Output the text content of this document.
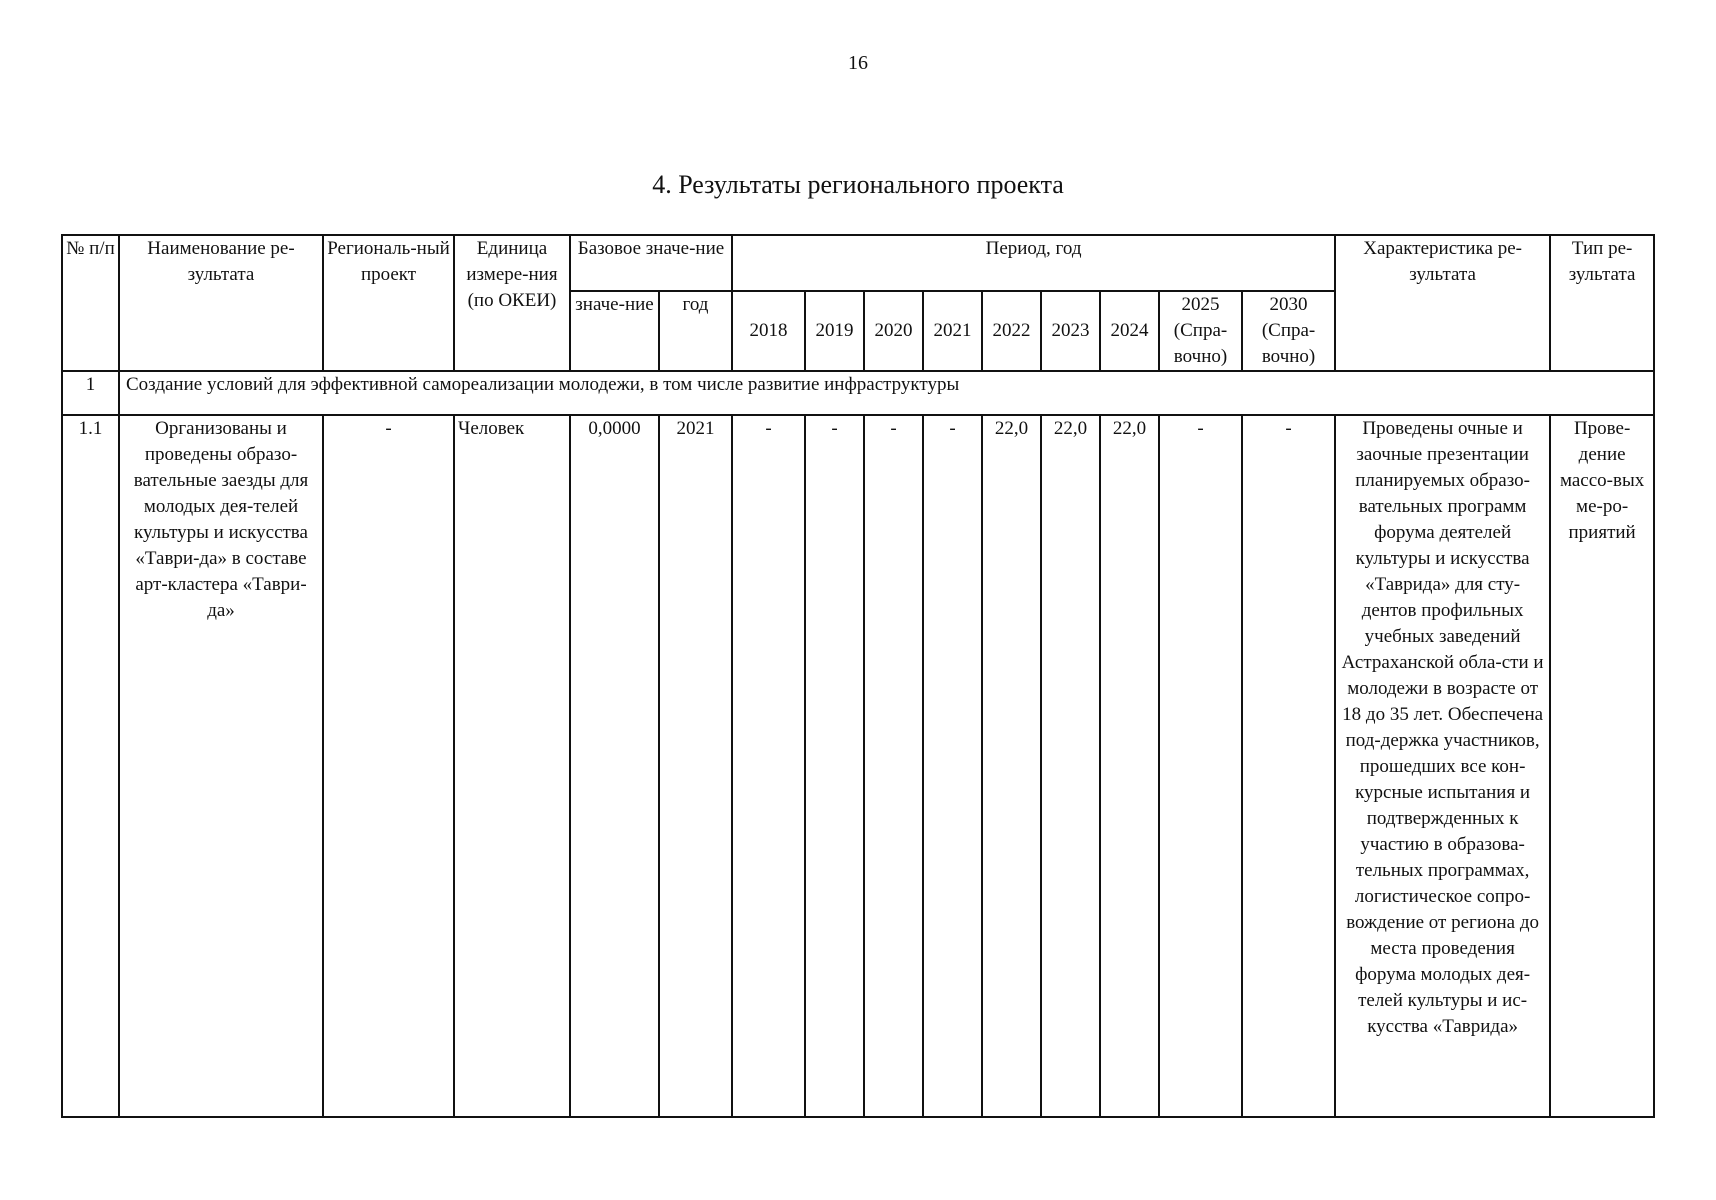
16
4. Результаты регионального проекта
№ п/п	Наименование ре-зультата	Региональ-ный проект	Единица измере-ния (по ОКЕИ)	Базовое значе-ние		Период, год									Характеристика ре-зультата	Тип ре-зультата
				значе-ние	год	2018	2019	2020	2021	2022	2023	2024	2025 (Спра-вочно)	2030 (Спра-вочно)		
1	Создание условий для эффективной самореализации молодежи, в том числе развитие инфраструктуры															
1.1	Организованы и проведены образо-вательные заезды для молодых дея-телей культуры и искусства «Таври-да» в составе арт-кластера «Таври-да»	-	Человек	0,0000	2021	-	-	-	-	22,0	22,0	22,0	-	-	Проведены очные и заочные презентации планируемых образо-вательных программ форума деятелей культуры и искусства «Таврида» для сту-дентов профильных учебных заведений Астраханской обла-сти и молодежи в возрасте от 18 до 35 лет. Обеспечена под-держка участников, прошедших все кон-курсные испытания и подтвержденных к участию в образова-тельных программах, логистическое сопро-вождение от региона до места проведения форума молодых дея-телей культуры и ис-кусства «Таврида»	Прове-дение массо-вых ме-ро-приятий
